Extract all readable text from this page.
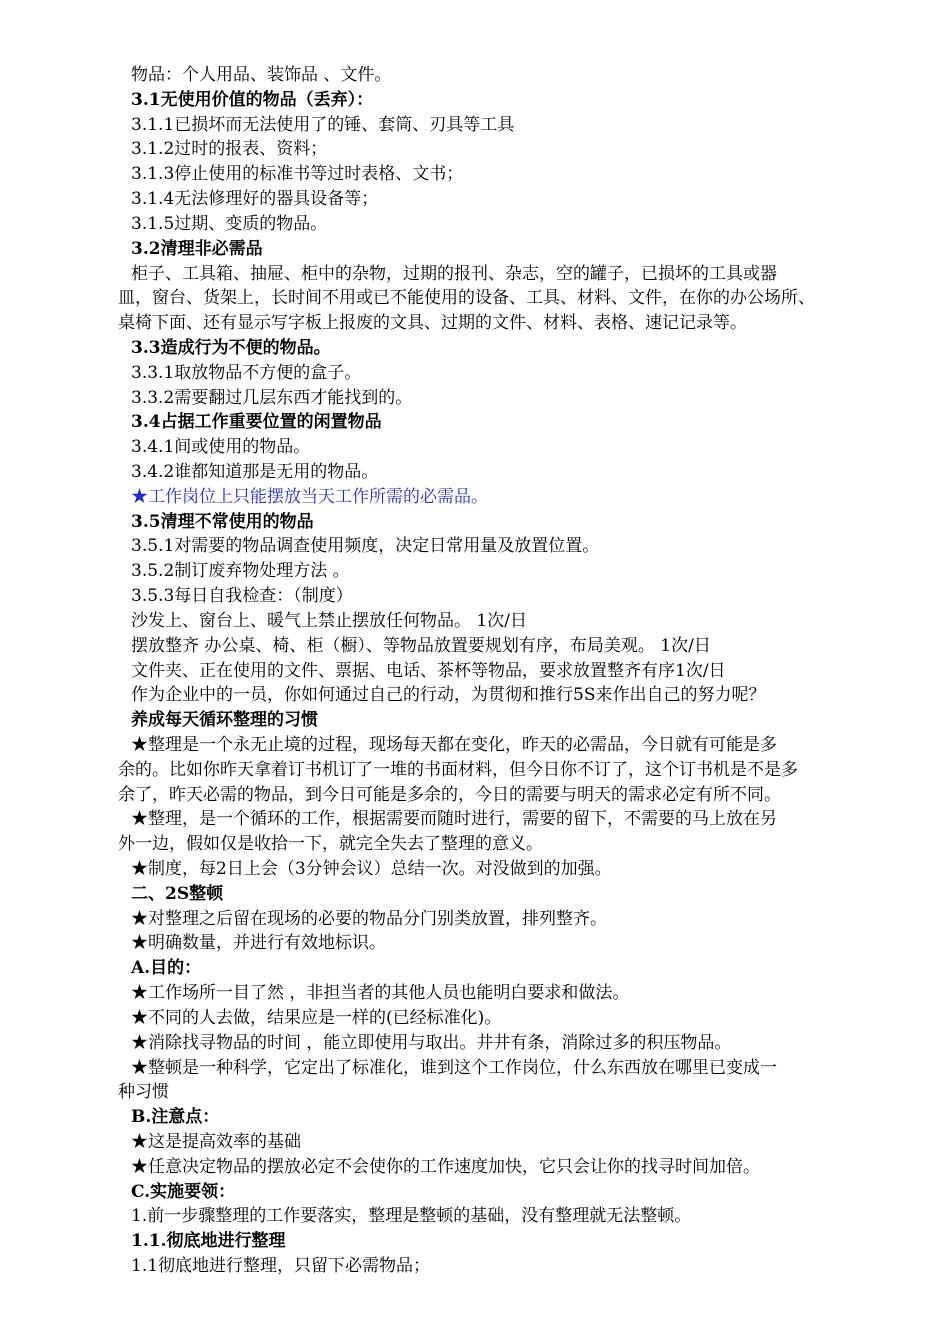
物品：个人用品、装饰品 、文件。
3.1无使用价值的物品（丢弃）：
3.1.1已损坏而无法使用了的锤、套筒、刃具等工具
3.1.2过时的报表、资料；
3.1.3停止使用的标准书等过时表格、文书；
3.1.4无法修理好的器具设备等；
3.1.5过期、变质的物品。
3.2清理非必需品
柜子、工具箱、抽屉、柜中的杂物，过期的报刊、杂志，空的罐子，已损坏的工具或器
皿，窗台、货架上，长时间不用或已不能使用的设备、工具、材料、文件，在你的办公场所、
桌椅下面、还有显示写字板上报废的文具、过期的文件、材料、表格、速记记录等。
3.3造成行为不便的物品。
3.3.1取放物品不方便的盒子。
3.3.2需要翻过几层东西才能找到的。
3.4占据工作重要位置的闲置物品
3.4.1间或使用的物品。
3.4.2谁都知道那是无用的物品。
★工作岗位上只能摆放当天工作所需的必需品。
3.5清理不常使用的物品
3.5.1对需要的物品调查使用频度，决定日常用量及放置位置。
3.5.2制订废弃物处理方法 。
3.5.3每日自我检查：（制度）
沙发上、窗台上、暖气上禁止摆放任何物品。 1次/日
摆放整齐 办公桌、椅、柜（橱）、等物品放置要规划有序，布局美观。 1次/日
文件夹、正在使用的文件、票据、电话、茶杯等物品，要求放置整齐有序1次/日
作为企业中的一员，你如何通过自己的行动，为贯彻和推行5S来作出自己的努力呢？
养成每天循环整理的习惯
★整理是一个永无止境的过程，现场每天都在变化，昨天的必需品，今日就有可能是多
余的。比如你昨天拿着订书机订了一堆的书面材料，但今日你不订了，这个订书机是不是多
余了，昨天必需的物品，到今日可能是多余的，今日的需要与明天的需求必定有所不同。
★整理，是一个循环的工作，根据需要而随时进行，需要的留下，不需要的马上放在另
外一边，假如仅是收拾一下，就完全失去了整理的意义。
★制度，每2日上会（3分钟会议）总结一次。对没做到的加强。
二、2S整顿
★对整理之后留在现场的必要的物品分门别类放置，排列整齐。
★明确数量，并进行有效地标识。
A.目的：
★工作场所一目了然 ，非担当者的其他人员也能明白要求和做法。
★不同的人去做，结果应是一样的(已经标准化)。
★消除找寻物品的时间 ，能立即使用与取出。井井有条，消除过多的积压物品。
★整顿是一种科学，它定出了标准化，谁到这个工作岗位，什么东西放在哪里已变成一
种习惯
B.注意点：
★这是提高效率的基础
★任意决定物品的摆放必定不会使你的工作速度加快，它只会让你的找寻时间加倍。
C.实施要领：
1.前一步骤整理的工作要落实，整理是整顿的基础，没有整理就无法整顿。
1.1.彻底地进行整理
1.1彻底地进行整理，只留下必需物品；
